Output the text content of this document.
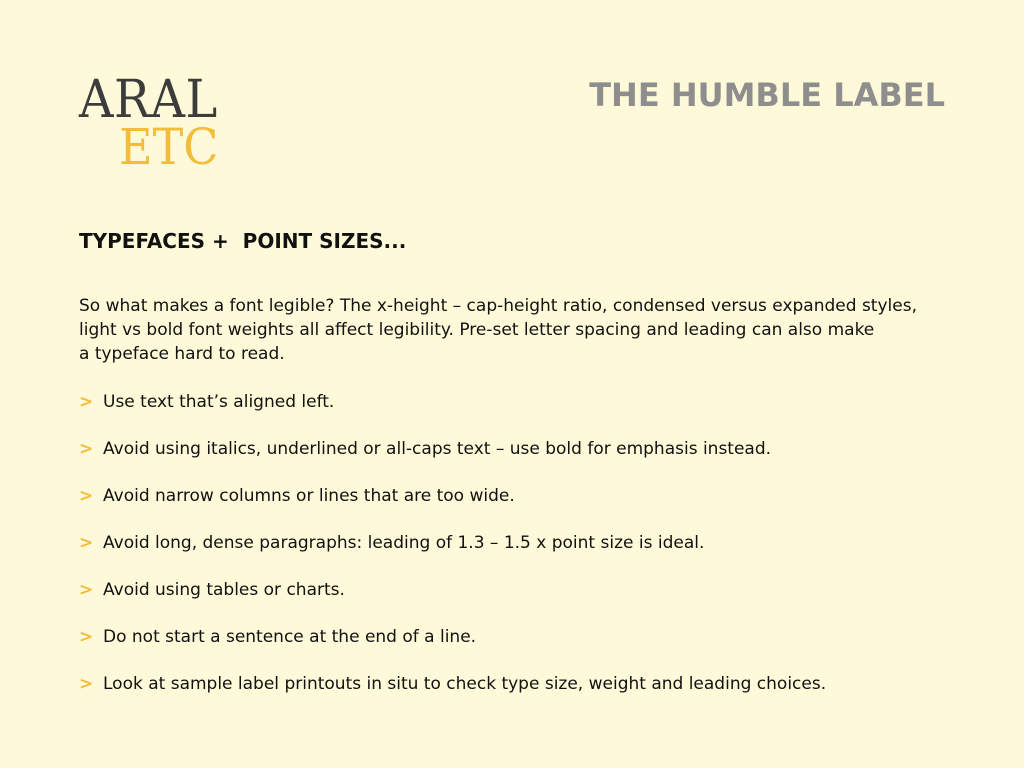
ARAL
ETC
THE HUMBLE LABEL
TYPEFACES +  POINT SIZES...
So what makes a font legible? The x-height – cap-height ratio, condensed versus expanded styles,
light vs bold font weights all affect legibility. Pre-set letter spacing and leading can also make
a typeface hard to read.
> Use text that’s aligned left.
> Avoid using italics, underlined or all-caps text – use bold for emphasis instead.
> Avoid narrow columns or lines that are too wide.
> Avoid long, dense paragraphs: leading of 1.3 – 1.5 x point size is ideal.
> Avoid using tables or charts.
> Do not start a sentence at the end of a line.
> Look at sample label printouts in situ to check type size, weight and leading choices.
